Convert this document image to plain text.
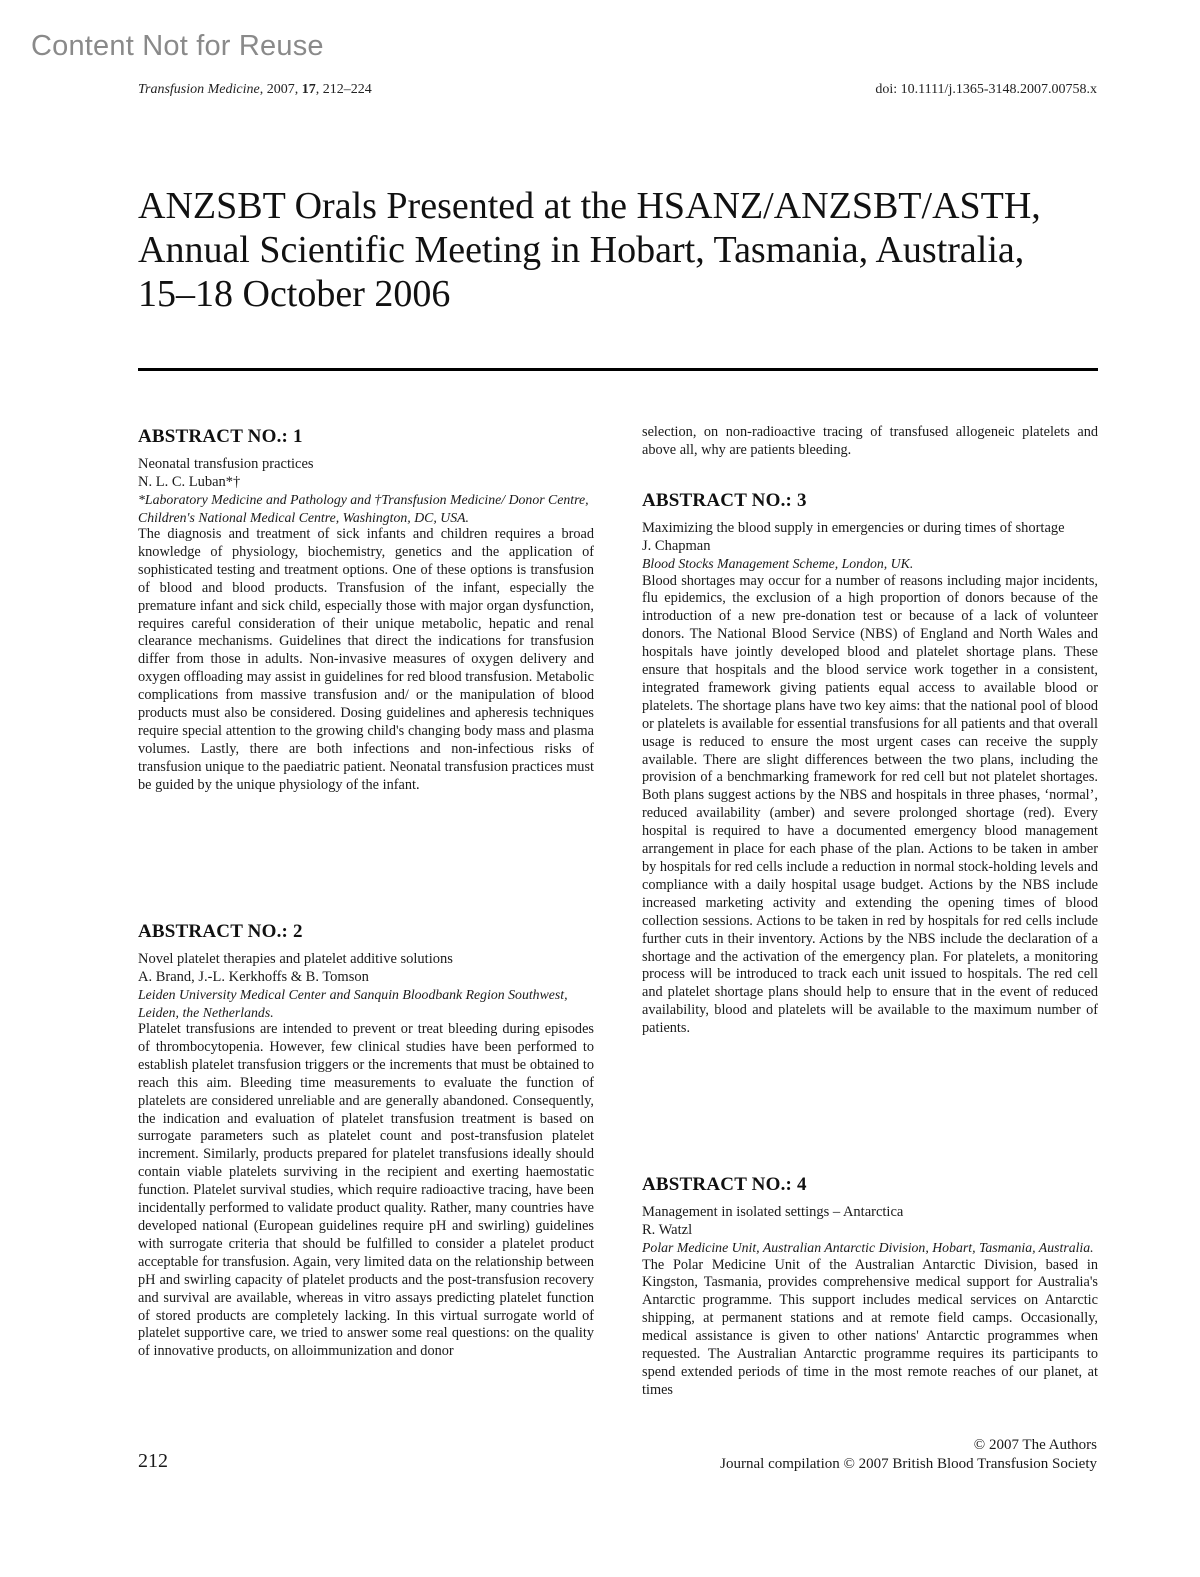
Content Not for Reuse
Transfusion Medicine, 2007, 17, 212–224	doi: 10.1111/j.1365-3148.2007.00758.x
ANZSBT Orals Presented at the HSANZ/ANZSBT/ASTH,
Annual Scientific Meeting in Hobart, Tasmania, Australia,
15–18 October 2006
ABSTRACT NO.: 1

Neonatal transfusion practices

N. L. C. Luban*†

*Laboratory Medicine and Pathology and †Transfusion Medicine/ Donor Centre, Children's National Medical Centre, Washington, DC, USA.

The diagnosis and treatment of sick infants and children requires a broad knowledge of physiology, biochemistry, genetics and the application of sophisticated testing and treatment options. One of these options is transfusion of blood and blood products. Transfusion of the infant, especially the premature infant and sick child, especially those with major organ dysfunction, requires careful consideration of their unique metabolic, hepatic and renal clearance mechanisms. Guidelines that direct the indications for transfusion differ from those in adults. Non-invasive measures of oxygen delivery and oxygen offloading may assist in guidelines for red blood transfusion. Metabolic complications from massive transfusion and/ or the manipulation of blood products must also be considered. Dosing guidelines and apheresis techniques require special attention to the growing child's changing body mass and plasma volumes. Lastly, there are both infections and non-infectious risks of transfusion unique to the paediatric patient. Neonatal transfusion practices must be guided by the unique physiology of the infant.

ABSTRACT NO.: 2

Novel platelet therapies and platelet additive solutions

A. Brand, J.-L. Kerkhoffs & B. Tomson

Leiden University Medical Center and Sanquin Bloodbank Region Southwest, Leiden, the Netherlands.

Platelet transfusions are intended to prevent or treat bleeding during episodes of thrombocytopenia. However, few clinical studies have been performed to establish platelet transfusion triggers or the increments that must be obtained to reach this aim. Bleeding time measurements to evaluate the function of platelets are considered unreliable and are generally abandoned. Consequently, the indication and evaluation of platelet transfusion treatment is based on surrogate parameters such as platelet count and post-transfusion platelet increment. Similarly, products prepared for platelet transfusions ideally should contain viable platelets surviving in the recipient and exerting haemostatic function. Platelet survival studies, which require radioactive tracing, have been incidentally performed to validate product quality. Rather, many countries have developed national (European guidelines require pH and swirling) guidelines with surrogate criteria that should be fulfilled to consider a platelet product acceptable for transfusion. Again, very limited data on the relationship between pH and swirling capacity of platelet products and the post-transfusion recovery and survival are available, whereas in vitro assays predicting platelet function of stored products are completely lacking. In this virtual surrogate world of platelet supportive care, we tried to answer some real questions: on the quality of innovative products, on alloimmunization and donor

selection, on non-radioactive tracing of transfused allogeneic platelets and above all, why are patients bleeding.

ABSTRACT NO.: 3

Maximizing the blood supply in emergencies or during times of shortage

J. Chapman

Blood Stocks Management Scheme, London, UK.

Blood shortages may occur for a number of reasons including major incidents, flu epidemics, the exclusion of a high proportion of donors because of the introduction of a new pre-donation test or because of a lack of volunteer donors. The National Blood Service (NBS) of England and North Wales and hospitals have jointly developed blood and platelet shortage plans. These ensure that hospitals and the blood service work together in a consistent, integrated framework giving patients equal access to available blood or platelets. The shortage plans have two key aims: that the national pool of blood or platelets is available for essential transfusions for all patients and that overall usage is reduced to ensure the most urgent cases can receive the supply available. There are slight differences between the two plans, including the provision of a benchmarking framework for red cell but not platelet shortages. Both plans suggest actions by the NBS and hospitals in three phases, ‘normal’, reduced availability (amber) and severe prolonged shortage (red). Every hospital is required to have a documented emergency blood management arrangement in place for each phase of the plan. Actions to be taken in amber by hospitals for red cells include a reduction in normal stock-holding levels and compliance with a daily hospital usage budget. Actions by the NBS include increased marketing activity and extending the opening times of blood collection sessions. Actions to be taken in red by hospitals for red cells include further cuts in their inventory. Actions by the NBS include the declaration of a shortage and the activation of the emergency plan. For platelets, a monitoring process will be introduced to track each unit issued to hospitals. The red cell and platelet shortage plans should help to ensure that in the event of reduced availability, blood and platelets will be available to the maximum number of patients.

ABSTRACT NO.: 4

Management in isolated settings – Antarctica

R. Watzl

Polar Medicine Unit, Australian Antarctic Division, Hobart, Tasmania, Australia.

The Polar Medicine Unit of the Australian Antarctic Division, based in Kingston, Tasmania, provides comprehensive medical support for Australia's Antarctic programme. This support includes medical services on Antarctic shipping, at permanent stations and at remote field camps. Occasionally, medical assistance is given to other nations' Antarctic programmes when requested. The Australian Antarctic programme requires its participants to spend extended periods of time in the most remote reaches of our planet, at times

212
© 2007 The Authors
Journal compilation © 2007 British Blood Transfusion Society
